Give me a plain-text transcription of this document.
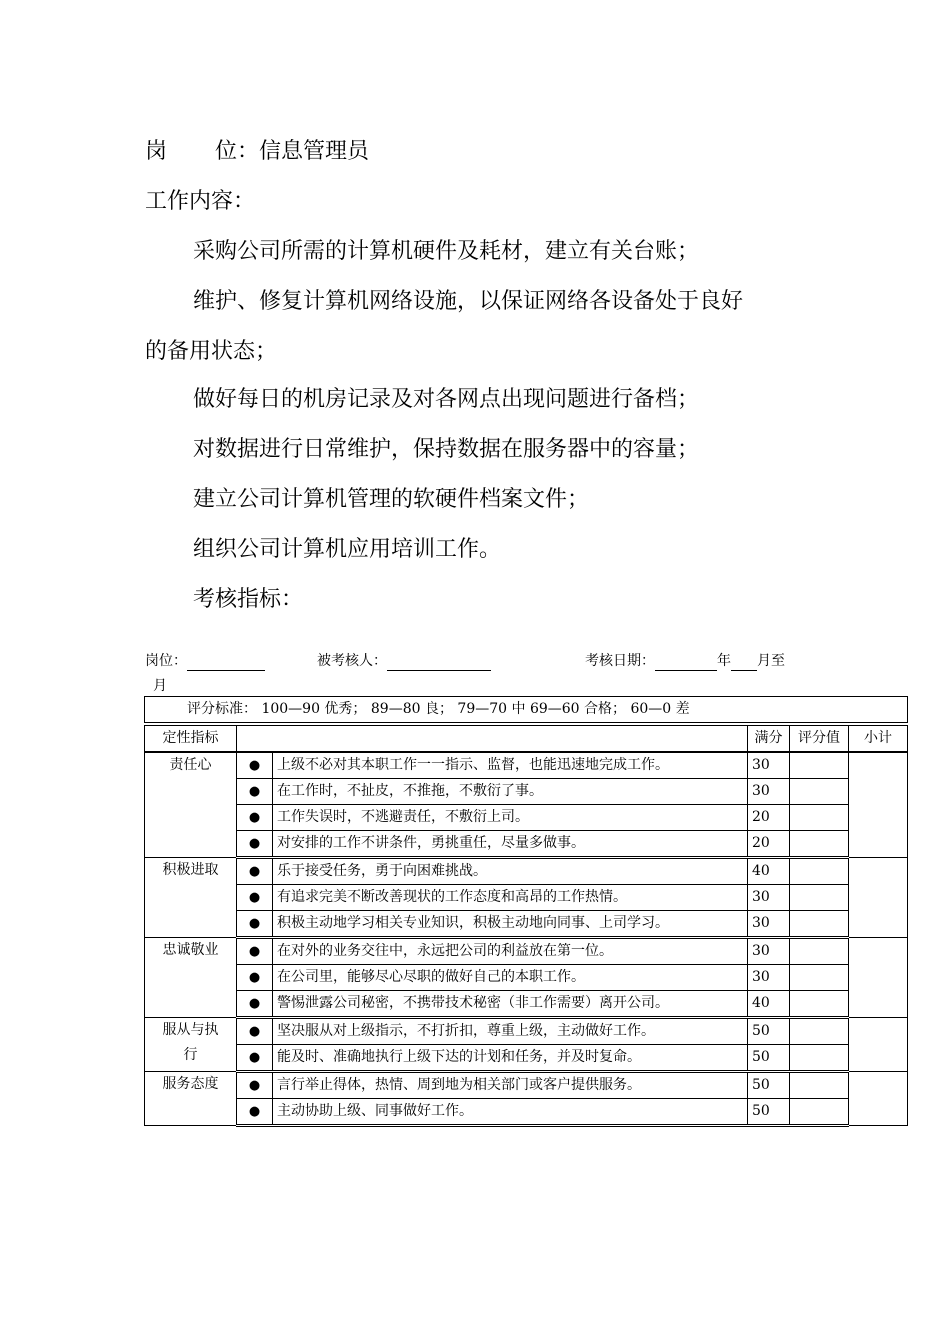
岗 位：信息管理员
工作内容：
采购公司所需的计算机硬件及耗材，建立有关台账；
维护、修复计算机网络设施，以保证网络各设备处于良好
的备用状态；
做好每日的机房记录及对各网点出现问题进行备档；
对数据进行日常维护，保持数据在服务器中的容量；
建立公司计算机管理的软硬件档案文件；
组织公司计算机应用培训工作。
考核指标：
岗位：	被考核人：	考核日期：	年 月至
月
评分标准： 100—90 优秀； 89—80 良； 79—70 中 69—60 合格； 60—0 差					
定性指标			满分	评分值	小计
责任心	●	上级不必对其本职工作一一指示、监督，也能迅速地完成工作。	30		
	●	在工作时，不扯皮，不推拖，不敷衍了事。	30		
	●	工作失误时，不逃避责任，不敷衍上司。	20		
	●	对安排的工作不讲条件，勇挑重任，尽量多做事。	20		
积极进取	●	乐于接受任务，勇于向困难挑战。	40		
	●	有追求完美不断改善现状的工作态度和高昂的工作热情。	30		
	●	积极主动地学习相关专业知识，积极主动地向同事、上司学习。	30		
忠诚敬业	●	在对外的业务交往中，永远把公司的利益放在第一位。	30		
	●	在公司里，能够尽心尽职的做好自己的本职工作。	30		
	●	警惕泄露公司秘密，不携带技术秘密（非工作需要）离开公司。	40		
服从与执行	●	坚决服从对上级指示，不打折扣，尊重上级，主动做好工作。	50		
	●	能及时、准确地执行上级下达的计划和任务，并及时复命。	50		
服务态度	●	言行举止得体，热情、周到地为相关部门或客户提供服务。	50		
	●	主动协助上级、同事做好工作。	50		
